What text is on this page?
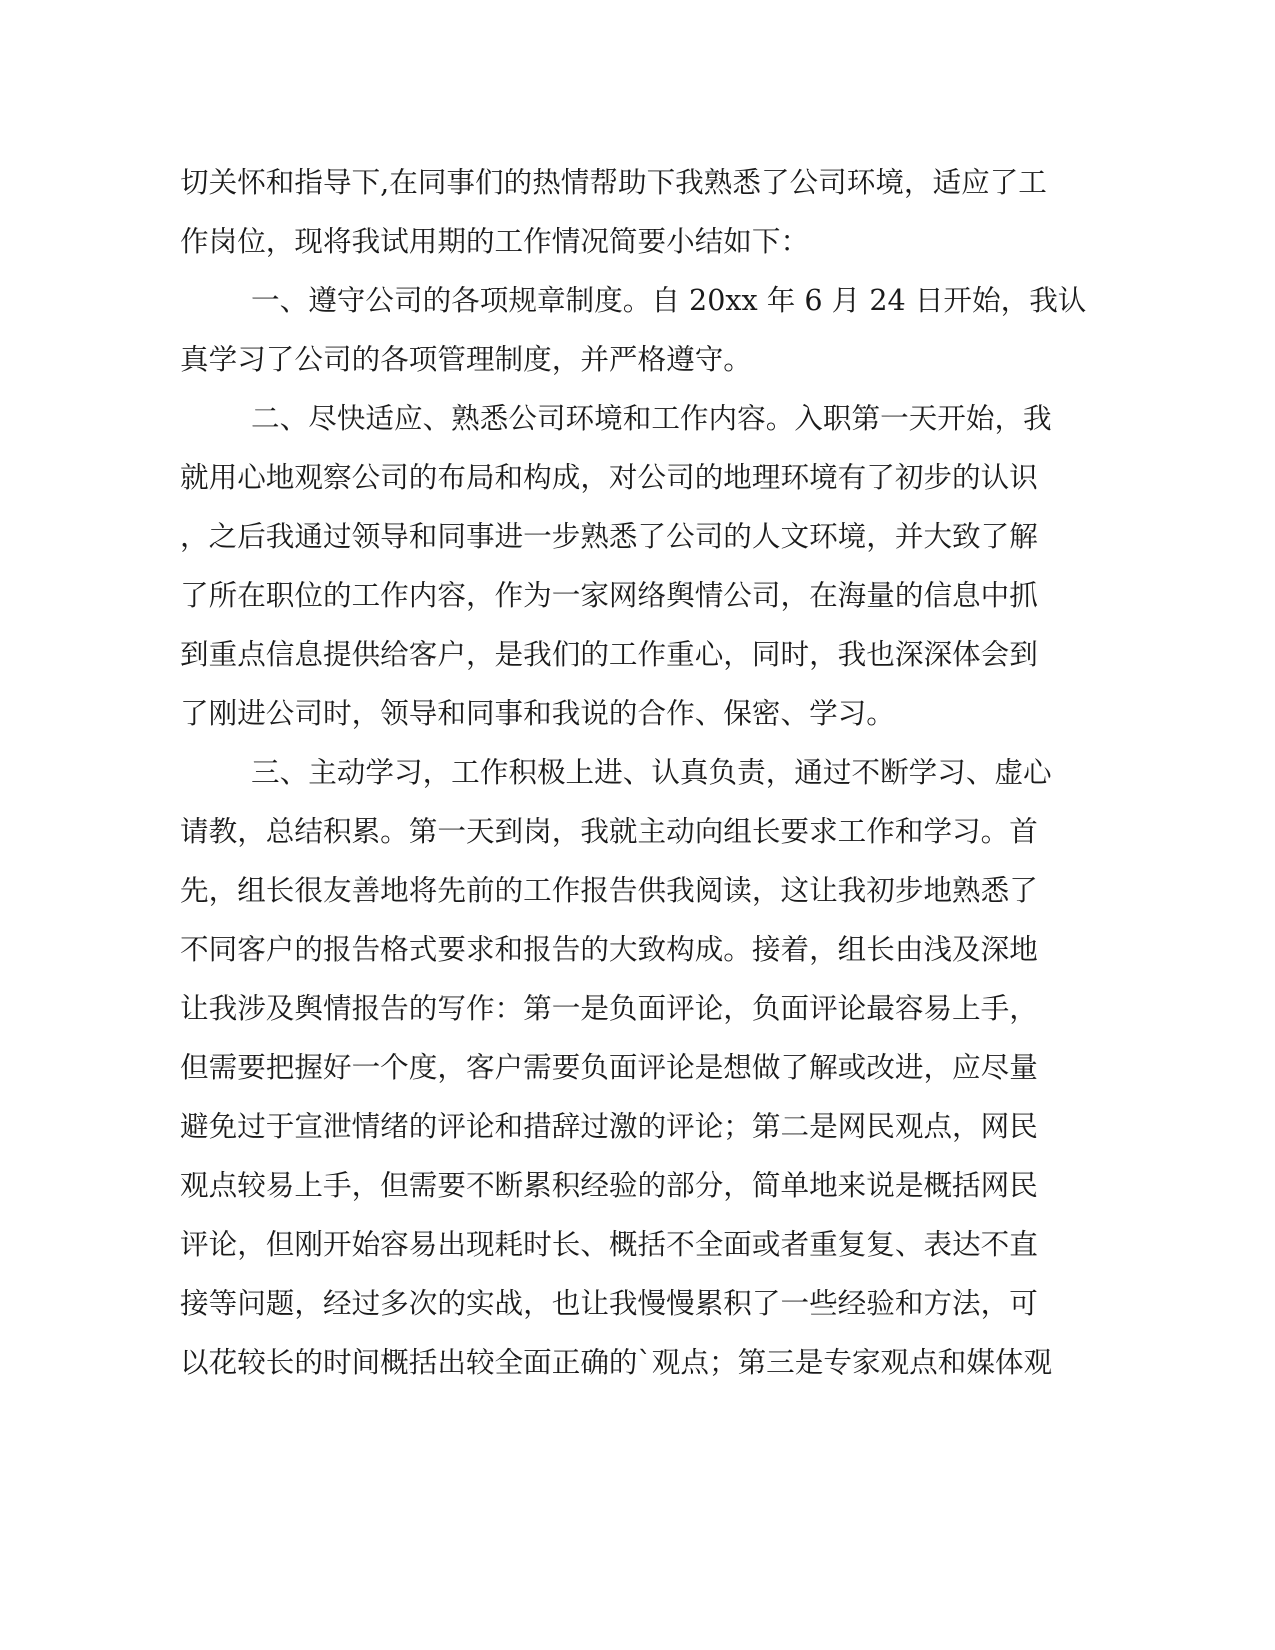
切关怀和指导下,在同事们的热情帮助下我熟悉了公司环境，适应了工
作岗位，现将我试用期的工作情况简要小结如下：
一、遵守公司的各项规章制度。自 20xx 年 6 月 24 日开始，我认
真学习了公司的各项管理制度，并严格遵守。
二、尽快适应、熟悉公司环境和工作内容。入职第一天开始，我
就用心地观察公司的布局和构成，对公司的地理环境有了初步的认识
，之后我通过领导和同事进一步熟悉了公司的人文环境，并大致了解
了所在职位的工作内容，作为一家网络舆情公司，在海量的信息中抓
到重点信息提供给客户，是我们的工作重心，同时，我也深深体会到
了刚进公司时，领导和同事和我说的合作、保密、学习。
三、主动学习，工作积极上进、认真负责，通过不断学习、虚心
请教，总结积累。第一天到岗，我就主动向组长要求工作和学习。首
先，组长很友善地将先前的工作报告供我阅读，这让我初步地熟悉了
不同客户的报告格式要求和报告的大致构成。接着，组长由浅及深地
让我涉及舆情报告的写作：第一是负面评论，负面评论最容易上手，
但需要把握好一个度，客户需要负面评论是想做了解或改进，应尽量
避免过于宣泄情绪的评论和措辞过激的评论；第二是网民观点，网民
观点较易上手，但需要不断累积经验的部分，简单地来说是概括网民
评论，但刚开始容易出现耗时长、概括不全面或者重复复、表达不直
接等问题，经过多次的实战，也让我慢慢累积了一些经验和方法，可
以花较长的时间概括出较全面正确的`观点；第三是专家观点和媒体观
